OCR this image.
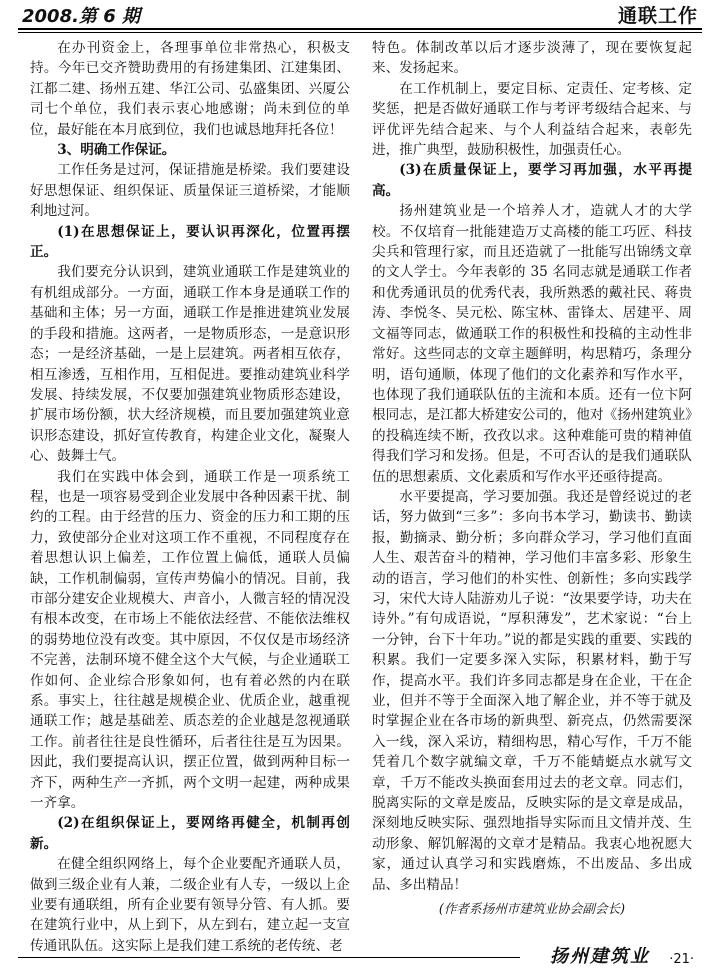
2008.第 6 期	通联工作

在办刊资金上，各理事单位非常热心，积极支持。今年已交齐赞助费用的有扬建集团、江建集团、江都二建、扬州五建、华江公司、弘盛集团、兴厦公司七个单位，我们表示衷心地感谢；尚未到位的单位，最好能在本月底到位，我们也诚恳地拜托各位！

3、明确工作保证。

工作任务是过河，保证措施是桥梁。我们要建设好思想保证、组织保证、质量保证三道桥梁，才能顺利地过河。

(1)在思想保证上，要认识再深化，位置再摆正。

我们要充分认识到，建筑业通联工作是建筑业的有机组成部分。一方面，通联工作本身是通联工作的基础和主体；另一方面，通联工作是推进建筑业发展的手段和措施。这两者，一是物质形态，一是意识形态；一是经济基础，一是上层建筑。两者相互依存，相互渗透，互相作用，互相促进。要推动建筑业科学发展、持续发展，不仅要加强建筑业物质形态建设，扩展市场份额，状大经济规模，而且要加强建筑业意识形态建设，抓好宣传教育，构建企业文化，凝聚人心、鼓舞士气。

我们在实践中体会到，通联工作是一项系统工程，也是一项容易受到企业发展中各种因素干扰、制约的工程。由于经营的压力、资金的压力和工期的压力，致使部分企业对这项工作不重视，不同程度存在着思想认识上偏差，工作位置上偏低，通联人员偏缺，工作机制偏弱，宣传声势偏小的情况。目前，我市部分建安企业规模大、声音小，人微言轻的情况没有根本改变，在市场上不能依法经营、不能依法维权的弱势地位没有改变。其中原因，不仅仅是市场经济不完善，法制环境不健全这个大气候，与企业通联工作如何、企业综合形象如何，也有着必然的内在联系。事实上，往往越是规模企业、优质企业，越重视通联工作；越是基础差、质态差的企业越是忽视通联工作。前者往往是良性循环，后者往往是互为因果。因此，我们要提高认识，摆正位置，做到两种目标一齐下，两种生产一齐抓，两个文明一起建，两种成果一齐拿。

(2)在组织保证上，要网络再健全，机制再创新。

在健全组织网络上，每个企业要配齐通联人员，做到三级企业有人兼，二级企业有人专，一级以上企业要有通联组，所有企业要有领导分管、有人抓。要在建筑行业中，从上到下，从左到右，建立起一支宣传通讯队伍。这实际上是我们建工系统的老传统、老

特色。体制改革以后才逐步淡薄了，现在要恢复起来、发扬起来。

在工作机制上，要定目标、定责任、定考核、定奖惩，把是否做好通联工作与考评考级结合起来、与评优评先结合起来、与个人利益结合起来，表彰先进，推广典型，鼓励积极性，加强责任心。

(3)在质量保证上，要学习再加强，水平再提高。

扬州建筑业是一个培养人才，造就人才的大学校。不仅培育一批能建造万丈高楼的能工巧匠、科技尖兵和管理行家，而且还造就了一批能写出锦绣文章的文人学士。今年表彰的 35 名同志就是通联工作者和优秀通讯员的优秀代表，我所熟悉的戴社民、蒋贵涛、李悦冬、吴元松、陈宝林、雷锋太、居建平、周文福等同志，做通联工作的积极性和投稿的主动性非常好。这些同志的文章主题鲜明，构思精巧，条理分明，语句通顺，体现了他们的文化素养和写作水平，也体现了我们通联队伍的主流和本质。还有一位卞阿根同志，是江都大桥建安公司的，他对《扬州建筑业》的投稿连续不断，孜孜以求。这种难能可贵的精神值得我们学习和发扬。但是，不可否认的是我们通联队伍的思想素质、文化素质和写作水平还亟待提高。

水平要提高，学习要加强。我还是曾经说过的老话，努力做到“三多”：多向书本学习，勤读书、勤读报，勤摘录、勤分析；多向群众学习，学习他们直面人生、艰苦奋斗的精神，学习他们丰富多彩、形象生动的语言，学习他们的朴实性、创新性；多向实践学习，宋代大诗人陆游劝儿子说：“汝果要学诗，功夫在诗外。”有句成语说，“厚积薄发”，艺术家说：“台上一分钟，台下十年功。”说的都是实践的重要、实践的积累。我们一定要多深入实际，积累材料，勤于写作，提高水平。我们许多同志都是身在企业，干在企业，但并不等于全面深入地了解企业，并不等于就及时掌握企业在各市场的新典型、新亮点，仍然需要深入一线，深入采访，精细构思，精心写作，千万不能凭着几个数字就编文章，千万不能蜻蜓点水就写文章，千万不能改头换面套用过去的老文章。同志们，脱离实际的文章是废品，反映实际的是文章是成品，深刻地反映实际、强烈地指导实际而且文情并茂、生动形象、解饥解渴的文章才是精品。我衷心地祝愿大家，通过认真学习和实践磨炼，不出废品、多出成品、多出精品！

(作者系扬州市建筑业协会副会长)

扬州建筑业 ·21·
